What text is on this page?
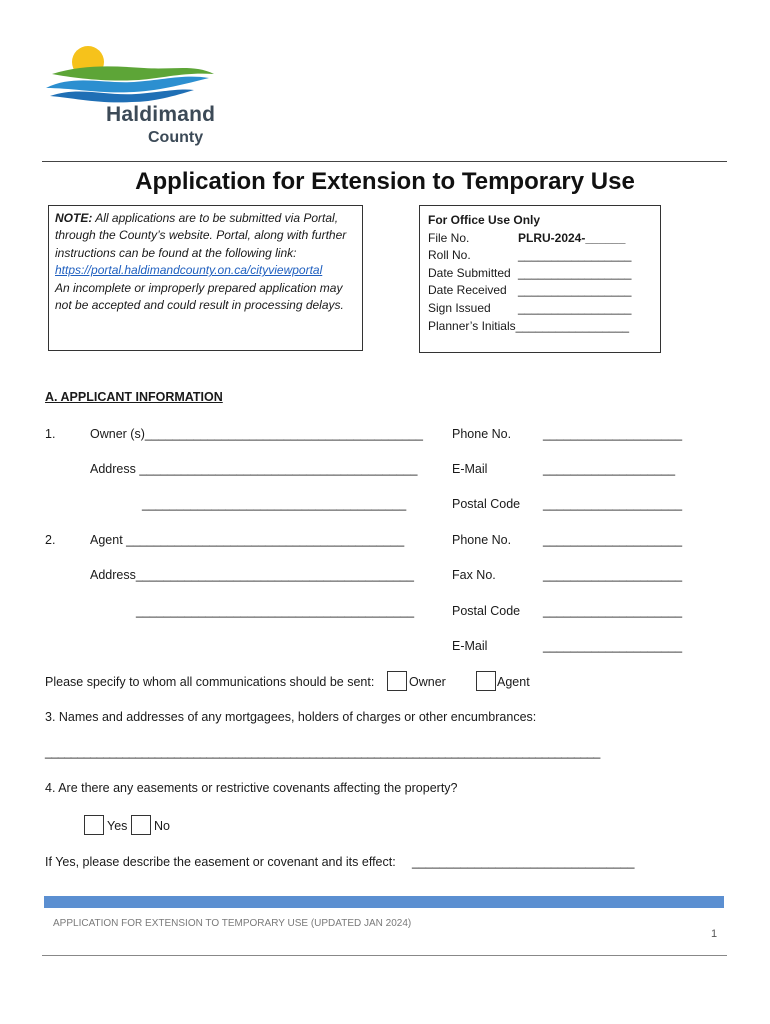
Haldimand
County
Application for Extension to Temporary Use
NOTE: All applications are to be submitted via Portal, through the County’s website. Portal, along with further instructions can be found at the following link:
https://portal.haldimandcounty.on.ca/cityviewportal
An incomplete or improperly prepared application may not be accepted and could result in processing delays.
For Office Use Only
File No.	PLRU-2024-______
Roll No.	_________________
Date Submitted _________________
Date Received _________________
Sign Issued	_________________
Planner’s Initials _________________
A. APPLICANT INFORMATION
1.	Owner (s)________________________________________ Phone No.	____________________
Address ________________________________________	E-Mail	___________________
______________________________________	Postal Code ____________________
2.	Agent ________________________________________	Phone No.	____________________
Address________________________________________	Fax No.	____________________
________________________________________	Postal Code ____________________
E-Mail	____________________
Please specify to whom all communications should be sent:	Owner	Agent
3. Names and addresses of any mortgagees, holders of charges or other encumbrances:
______________________________________________________________________________________
4. Are there any easements or restrictive covenants affecting the property?
Yes No
If Yes, please describe the easement or covenant and its effect: ________________________________
APPLICATION FOR EXTENSION TO TEMPORARY USE (UPDATED JAN 2024)
1
